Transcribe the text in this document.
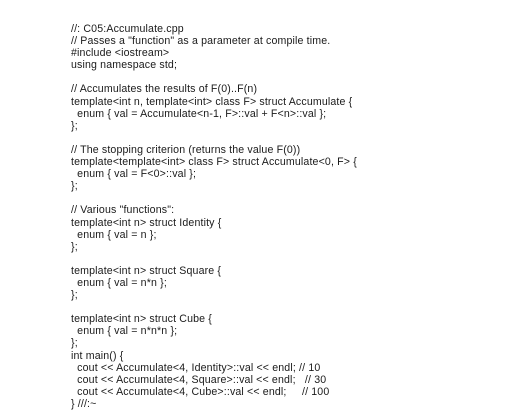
//: C05:Accumulate.cpp
// Passes a "function" as a parameter at compile time.
#include <iostream>
using namespace std;
// Accumulates the results of F(0)..F(n)
template<int n, template<int> class F> struct Accumulate {
enum { val = Accumulate<n-1, F>::val + F<n>::val };
};
// The stopping criterion (returns the value F(0))
template<template<int> class F> struct Accumulate<0, F> {
enum { val = F<0>::val };
};
// Various "functions":
template<int n> struct Identity {
enum { val = n };
};
template<int n> struct Square {
enum { val = n*n };
};
template<int n> struct Cube {
enum { val = n*n*n };
};
int main() {
cout << Accumulate<4, Identity>::val << endl; // 10
cout << Accumulate<4, Square>::val << endl;   // 30
cout << Accumulate<4, Cube>::val << endl;     // 100
} ///:~
